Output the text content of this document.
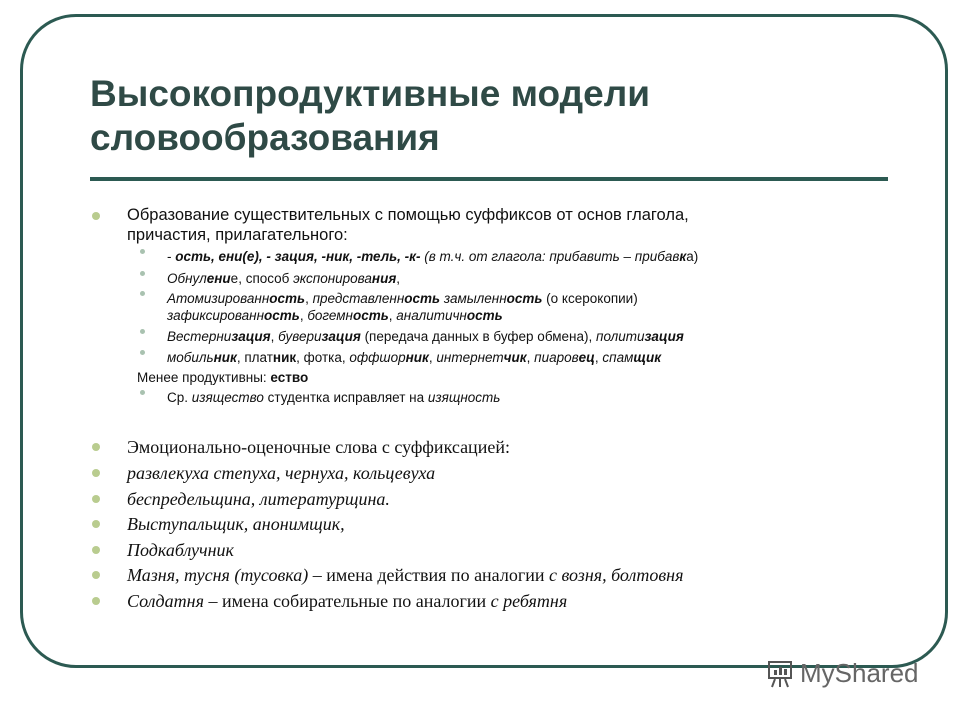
Высокопродуктивные модели
словообразования
Образование существительных с помощью суффиксов от основ глагола,
причастия, прилагательного:
- ость, ени(е), - зация, -ник, -тель, -к- (в т.ч. от глагола: прибавить – прибавка)
Обнуление, способ экспонирования,
Атомизированность, представленность замыленность (о ксерокопии)
зафиксированность, богемность, аналитичность
Вестернизация, буверизация (передача данных в буфер обмена), политизация
мобильник, платник, фотка, оффшорник, интернетчик, пиаровец, спамщик
Менее продуктивны: ество
Ср. изящество студентка исправляет на изящность
Эмоционально-оценочные слова с суффиксацией:
развлекуха степуха, чернуха, кольцевуха
беспредельщина, литературщина.
Выступальщик, анонимщик,
Подкаблучник
Мазня, тусня (тусовка) – имена действия по аналогии с возня, болтовня
Солдатня – имена собирательные по аналогии с ребятня
MyShared
